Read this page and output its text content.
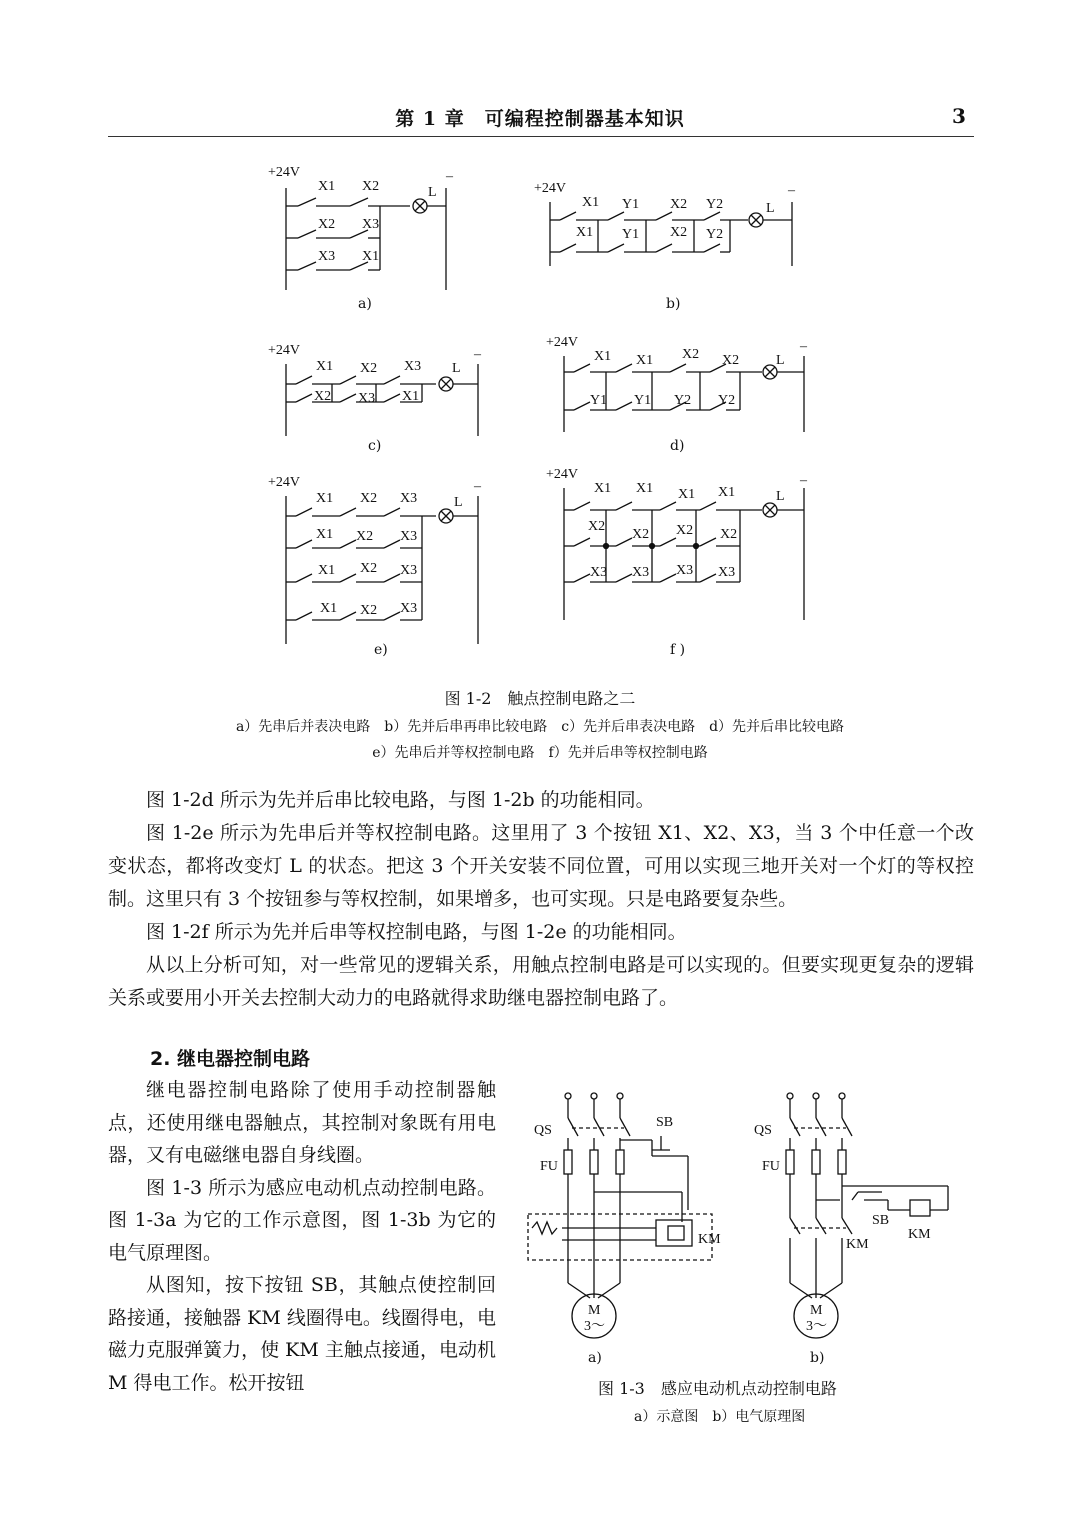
第 1 章　可编程控制器基本知识	3
+24V	–
X1 X2
X2 X3
X3 X1
L
a)
+24V	–
X1 Y1 X2 Y2
X1 Y1 X2 Y2
L
b)
+24V	–
X1 X2 X3
X2 X3 X1
L
c)
+24V	–
X1 X1 X2 X2
Y1 Y1 Y2 Y2
L
d)
+24V	–
X1 X2 X3
X1 X2 X3
X1 X2 X3
X1 X2 X3
L
e)
+24V	–
X1 X1 X1 X1
X2
X2 X2 X2
X3 X3 X3 X3
L
f )
图 1-2　触点控制电路之二
a）先串后并表决电路　b）先并后串再串比较电路　c）先并后串表决电路　d）先并后串比较电路
e）先串后并等权控制电路　f）先并后串等权控制电路

图 1-2d 所示为先并后串比较电路，与图 1-2b 的功能相同。

图 1-2e 所示为先串后并等权控制电路。这里用了 3 个按钮 X1、X2、X3，当 3 个中任意一个改变状态，都将改变灯 L 的状态。把这 3 个开关安装不同位置，可用以实现三地开关对一个灯的等权控制。这里只有 3 个按钮参与等权控制，如果增多，也可实现。只是电路要复杂些。

图 1-2f 所示为先并后串等权控制电路，与图 1-2e 的功能相同。

从以上分析可知，对一些常见的逻辑关系，用触点控制电路是可以实现的。但要实现更复杂的逻辑关系或要用小开关去控制大动力的电路就得求助继电器控制电路了。

2. 继电器控制电路

继电器控制电路除了使用手动控制器触点，还使用继电器触点，其控制对象既有用电器，又有电磁继电器自身线圈。

图 1-3 所示为感应电动机点动控制电路。图 1-3a 为它的工作示意图，图 1-3b 为它的电气原理图。

从图知，按下按钮 SB，其触点使控制回路接通，接触器 KM 线圈得电。线圈得电，电磁力克服弹簧力，使 KM 主触点接通，电动机 M 得电工作。松开按钮

QS
FU
SB
KM
M
3～
a)
QS
FU
SB
KM
KM
M
3～
b)
图 1-3　感应电动机点动控制电路
a）示意图　b）电气原理图
